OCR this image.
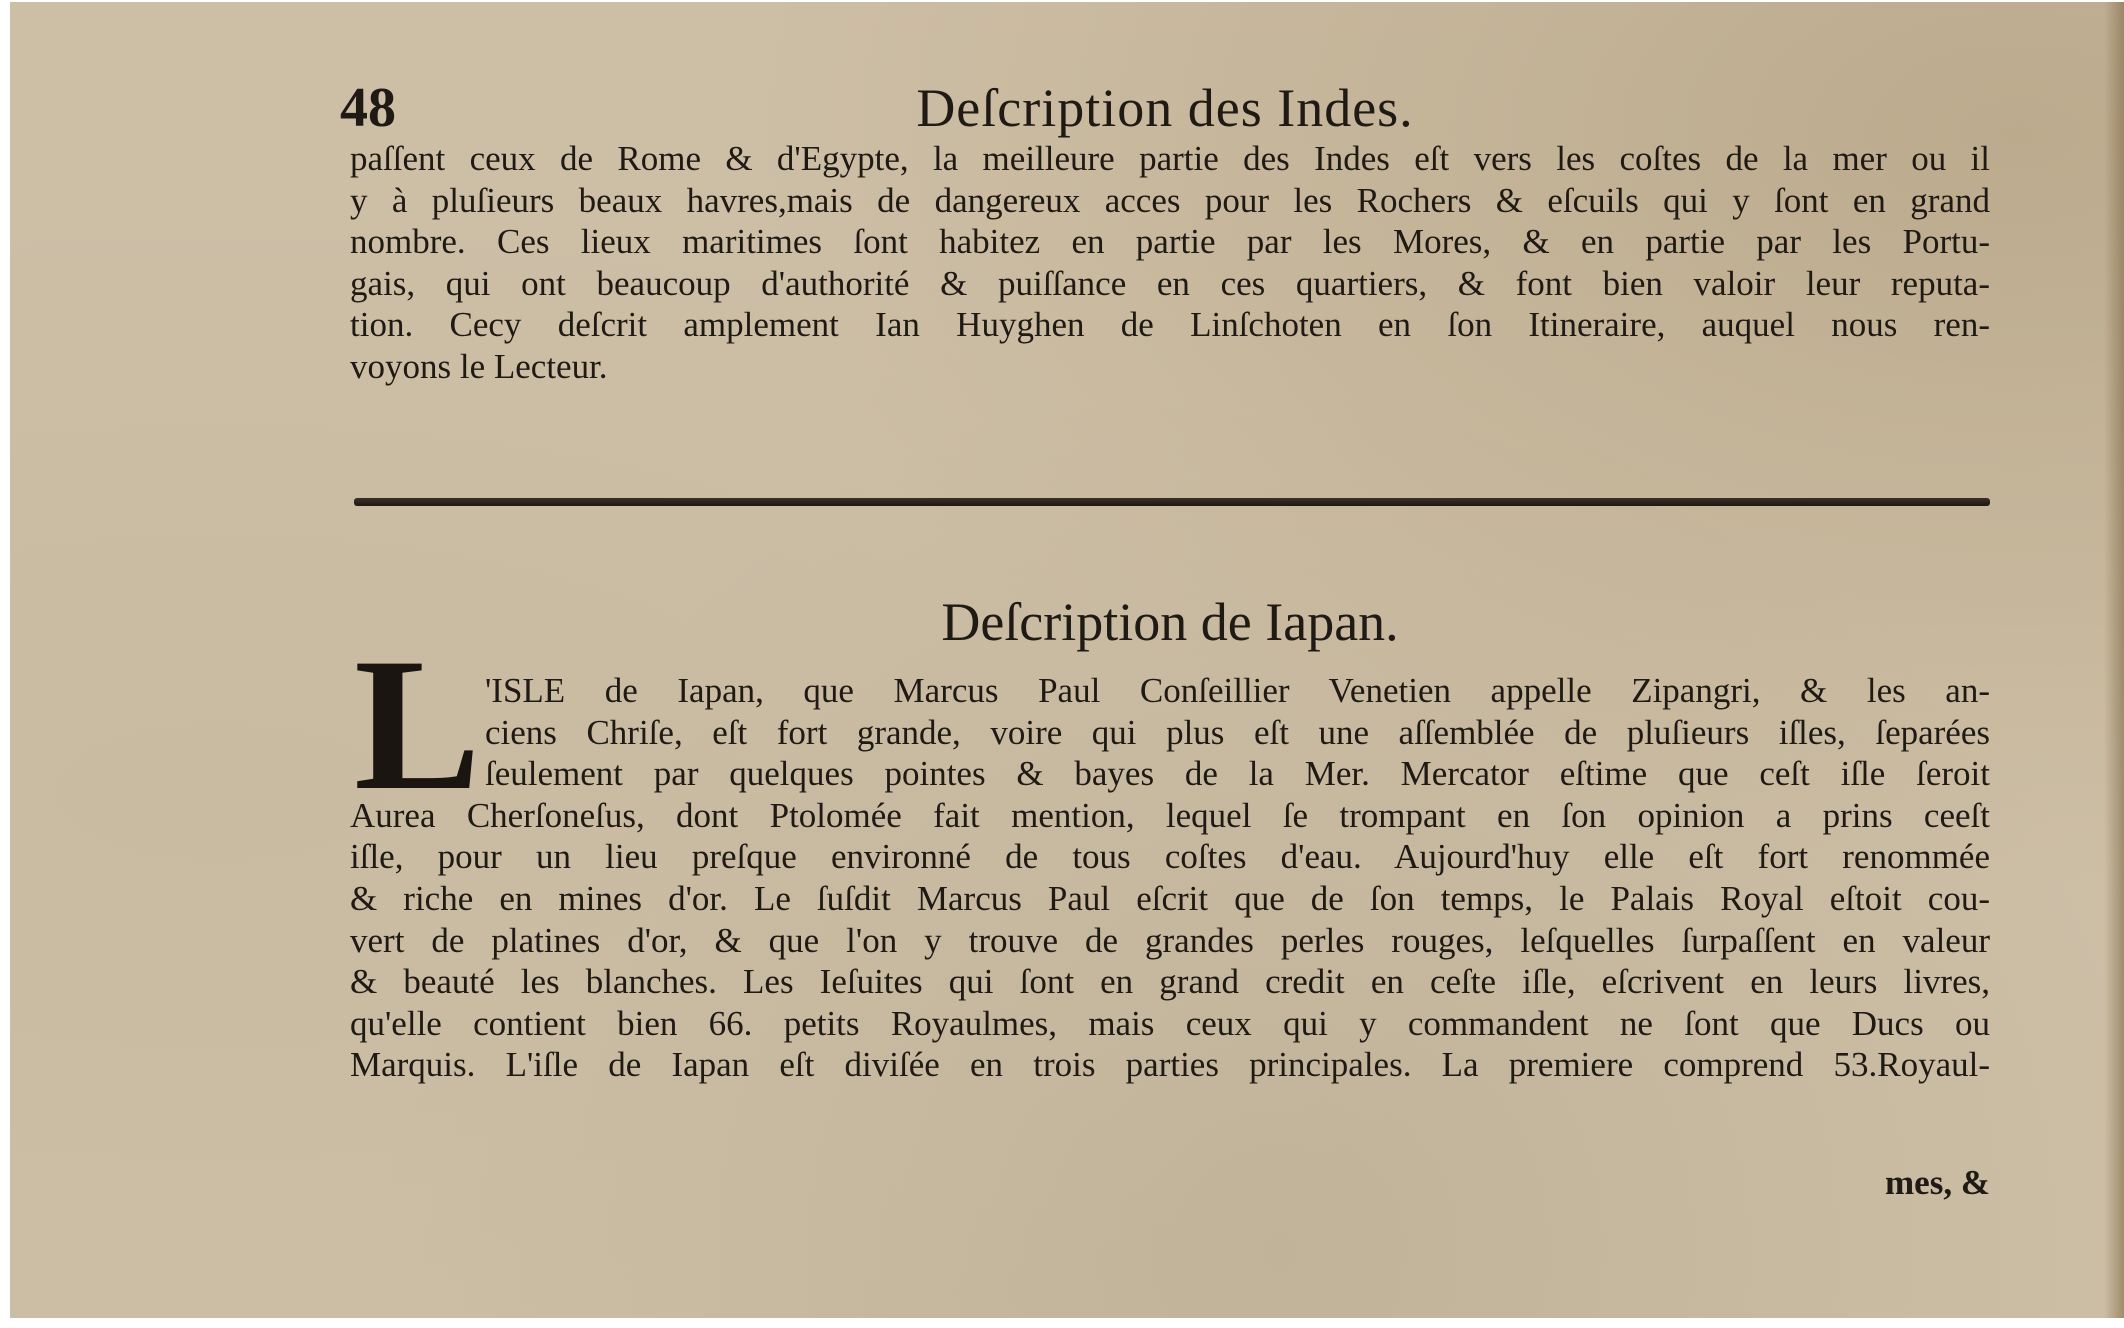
48	Deſcription des Indes.
paſſent ceux de Rome & d'Egypte, la meilleure partie des Indes eſt vers les coſtes de la mer ou il
y à pluſieurs beaux havres,mais de dangereux acces pour les Rochers & eſcuils qui y ſont en grand
nombre. Ces lieux maritimes ſont habitez en partie par les Mores, & en partie par les Portu-
gais, qui ont beaucoup d'authorité & puiſſance en ces quartiers, & font bien valoir leur reputa-
tion. Cecy deſcrit amplement Ian Huyghen de Linſchoten en ſon Itineraire, auquel nous ren-
voyons le Lecteur.
Deſcription de Iapan.
L 'ISLE de Iapan, que Marcus Paul Conſeillier Venetien appelle Zipangri, & les an-
ciens Chriſe, eſt fort grande, voire qui plus eſt une aſſemblée de pluſieurs iſles, ſeparées
ſeulement par quelques pointes & bayes de la Mer. Mercator eſtime que ceſt iſle ſeroit
Aurea Cherſoneſus, dont Ptolomée fait mention, lequel ſe trompant en ſon opinion a prins ceeſt
iſle, pour un lieu preſque environné de tous coſtes d'eau. Aujourd'huy elle eſt fort renommée
& riche en mines d'or. Le ſuſdit Marcus Paul eſcrit que de ſon temps, le Palais Royal eſtoit cou-
vert de platines d'or, & que l'on y trouve de grandes perles rouges, leſquelles ſurpaſſent en valeur
& beauté les blanches. Les Ieſuites qui ſont en grand credit en ceſte iſle, eſcrivent en leurs livres,
qu'elle contient bien 66. petits Royaulmes, mais ceux qui y commandent ne ſont que Ducs ou
Marquis. L'iſle de Iapan eſt diviſée en trois parties principales. La premiere comprend 53.Royaul-
mes, &
